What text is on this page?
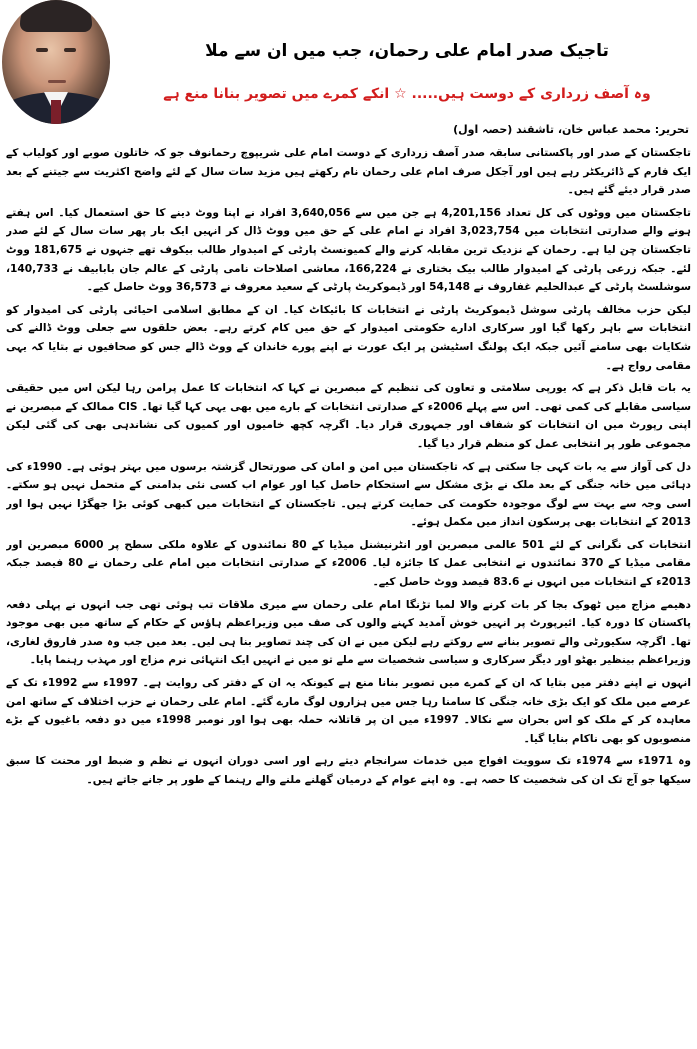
تاجیک صدر امام علی رحمان، جب میں ان سے ملا
وہ آصف زرداری کے دوست ہیں..... ☆ انکے کمرے میں تصویر بنانا منع ہے
تحریر: محمد عباس خان، تاشقند (حصہ اول)

تاجکستان کے صدر اور پاکستانی سابقہ صدر آصف زرداری کے دوست امام علی شریپوچ رحمانوف جو کہ خاتلون صوبے اور کولیاب کے ایک فارم کے ڈائریکٹر رہے ہیں اور آجکل صرف امام علی رحمان نام رکھتے ہیں مزید سات سال کے لئے واضح اکثریت سے جیتنے کے بعد صدر قرار دیئے گئے ہیں۔

تاجکستان میں ووٹوں کی کل تعداد 4,201,156 ہے جن میں سے 3,640,056 افراد نے اپنا ووٹ دینے کا حق استعمال کیا۔ اس ہفتے ہونے والے صدارتی انتخابات میں 3,023,754 افراد نے امام علی کے حق میں ووٹ ڈال کر انہیں ایک بار پھر سات سال کے لئے صدر تاجکستان چن لیا ہے۔ رحمان کے نزدیک ترین مقابلہ کرنے والے کمیونسٹ پارٹی کے امیدوار طالب بیکوف تھے جنہوں نے 181,675 ووٹ لئے۔ جبکہ زرعی پارٹی کے امیدوار طالب بیک بختاری نے 166,224، معاشی اصلاحات نامی پارٹی کے عالم جان بابابیف نے 140,733، سوشلسٹ پارٹی کے عبدالحلیم غفاروف نے 54,148 اور ڈیموکریٹ پارٹی کے سعید معروف نے 36,573 ووٹ حاصل کیے۔

لیکن حزب مخالف پارٹی سوشل ڈیموکریٹ پارٹی نے انتخابات کا بائیکاٹ کیا۔ ان کے مطابق اسلامی احیائی پارٹی کی امیدوار کو انتخابات سے باہر رکھا گیا اور سرکاری ادارے حکومتی امیدوار کے حق میں کام کرتے رہے۔ بعض حلقوں سے جعلی ووٹ ڈالنے کی شکایات بھی سامنے آئیں جبکہ ایک پولنگ اسٹیشن پر ایک عورت نے اپنے پورے خاندان کے ووٹ ڈالے جس کو صحافیوں نے بتایا کہ یہی مقامی رواج ہے۔

یہ بات قابل ذکر ہے کہ یورپی سلامتی و تعاون کی تنظیم کے مبصرین نے کہا کہ انتخابات کا عمل پرامن رہا لیکن اس میں حقیقی سیاسی مقابلے کی کمی تھی۔ اس سے پہلے 2006ء کے صدارتی انتخابات کے بارے میں بھی یہی کہا گیا تھا۔ CIS ممالک کے مبصرین نے اپنی رپورٹ میں ان انتخابات کو شفاف اور جمہوری قرار دیا۔ اگرچہ کچھ خامیوں اور کمیوں کی نشاندہی بھی کی گئی لیکن مجموعی طور پر انتخابی عمل کو منظم قرار دیا گیا۔

دل کی آواز سے یہ بات کہی جا سکتی ہے کہ تاجکستان میں امن و امان کی صورتحال گزشتہ برسوں میں بہتر ہوئی ہے۔ 1990ء کی دہائی میں خانہ جنگی کے بعد ملک نے بڑی مشکل سے استحکام حاصل کیا اور عوام اب کسی نئی بدامنی کے متحمل نہیں ہو سکتے۔ اسی وجہ سے بہت سے لوگ موجودہ حکومت کی حمایت کرتے ہیں۔ تاجکستان کے انتخابات میں کبھی کوئی بڑا جھگڑا نہیں ہوا اور 2013 کے انتخابات بھی پرسکون انداز میں مکمل ہوئے۔

انتخابات کی نگرانی کے لئے 501 عالمی مبصرین اور انٹرنیشنل میڈیا کے 80 نمائندوں کے علاوہ ملکی سطح پر 6000 مبصرین اور مقامی میڈیا کے 370 نمائندوں نے انتخابی عمل کا جائزہ لیا۔ 2006ء کے صدارتی انتخابات میں امام علی رحمان نے 80 فیصد جبکہ 2013ء کے انتخابات میں انہوں نے 83.6 فیصد ووٹ حاصل کیے۔

دھیمے مزاج میں ٹھوک بجا کر بات کرنے والا لمبا تڑنگا امام علی رحمان سے میری ملاقات تب ہوئی تھی جب انہوں نے پہلی دفعہ پاکستان کا دورہ کیا۔ ائیرپورٹ پر انہیں خوش آمدید کہنے والوں کی صف میں وزیراعظم ہاؤس کے حکام کے ساتھ میں بھی موجود تھا۔ اگرچہ سکیورٹی والے تصویر بنانے سے روکتے رہے لیکن میں نے ان کی چند تصاویر بنا ہی لیں۔ بعد میں جب وہ صدر فاروق لغاری، وزیراعظم بینظیر بھٹو اور دیگر سرکاری و سیاسی شخصیات سے ملے تو میں نے انہیں ایک انتہائی نرم مزاج اور مہذب رہنما پایا۔

انہوں نے اپنے دفتر میں بتایا کہ ان کے کمرے میں تصویر بنانا منع ہے کیونکہ یہ ان کے دفتر کی روایت ہے۔ 1997ء سے 1992ء تک کے عرصے میں ملک کو ایک بڑی خانہ جنگی کا سامنا رہا جس میں ہزاروں لوگ مارے گئے۔ امام علی رحمان نے حزب اختلاف کے ساتھ امن معاہدہ کر کے ملک کو اس بحران سے نکالا۔ 1997ء میں ان پر قاتلانہ حملہ بھی ہوا اور نومبر 1998ء میں دو دفعہ باغیوں کے بڑے منصوبوں کو بھی ناکام بنایا گیا۔

وہ 1971ء سے 1974ء تک سوویت افواج میں خدمات سرانجام دیتے رہے اور اسی دوران انہوں نے نظم و ضبط اور محنت کا سبق سیکھا جو آج تک ان کی شخصیت کا حصہ ہے۔ وہ اپنے عوام کے درمیان گھلنے ملنے والے رہنما کے طور پر جانے جاتے ہیں۔
